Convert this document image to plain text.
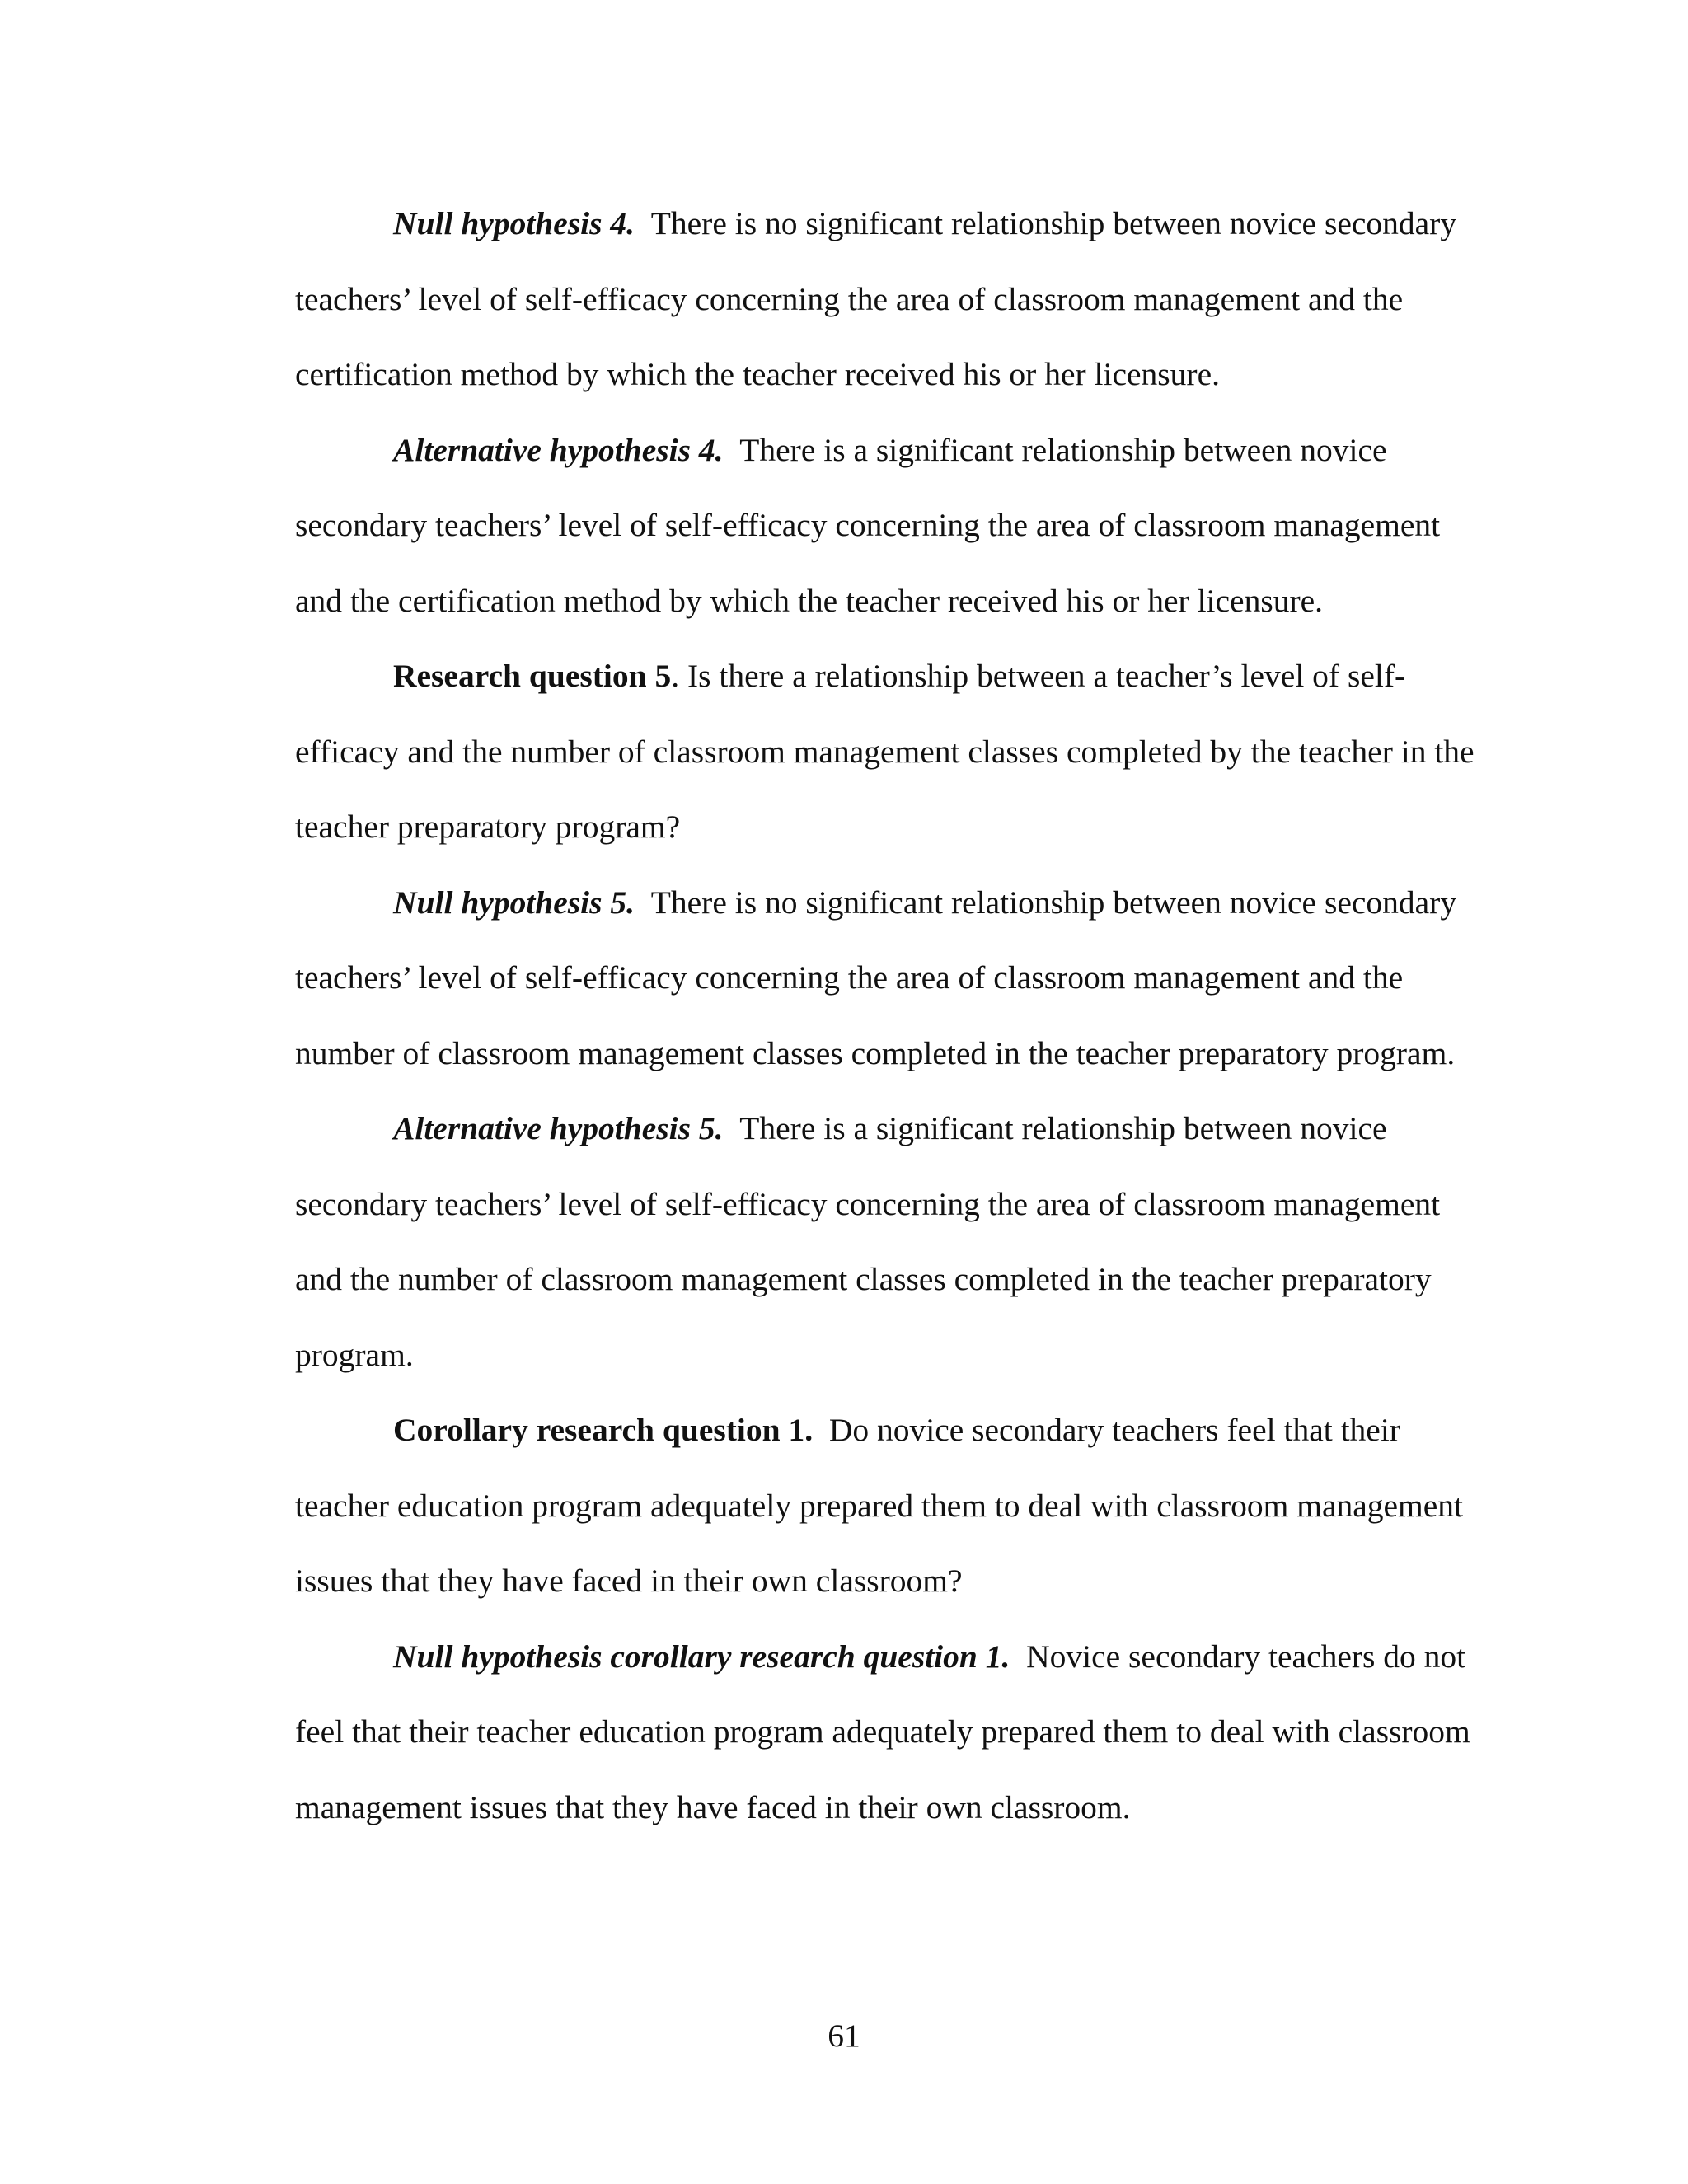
Null hypothesis 4. There is no significant relationship between novice secondary teachers’ level of self-efficacy concerning the area of classroom management and the certification method by which the teacher received his or her licensure.

Alternative hypothesis 4. There is a significant relationship between novice secondary teachers’ level of self-efficacy concerning the area of classroom management and the certification method by which the teacher received his or her licensure.

Research question 5. Is there a relationship between a teacher’s level of self-efficacy and the number of classroom management classes completed by the teacher in the teacher preparatory program?

Null hypothesis 5. There is no significant relationship between novice secondary teachers’ level of self-efficacy concerning the area of classroom management and the number of classroom management classes completed in the teacher preparatory program.

Alternative hypothesis 5. There is a significant relationship between novice secondary teachers’ level of self-efficacy concerning the area of classroom management and the number of classroom management classes completed in the teacher preparatory program.

Corollary research question 1. Do novice secondary teachers feel that their teacher education program adequately prepared them to deal with classroom management issues that they have faced in their own classroom?

Null hypothesis corollary research question 1. Novice secondary teachers do not feel that their teacher education program adequately prepared them to deal with classroom management issues that they have faced in their own classroom.

61
